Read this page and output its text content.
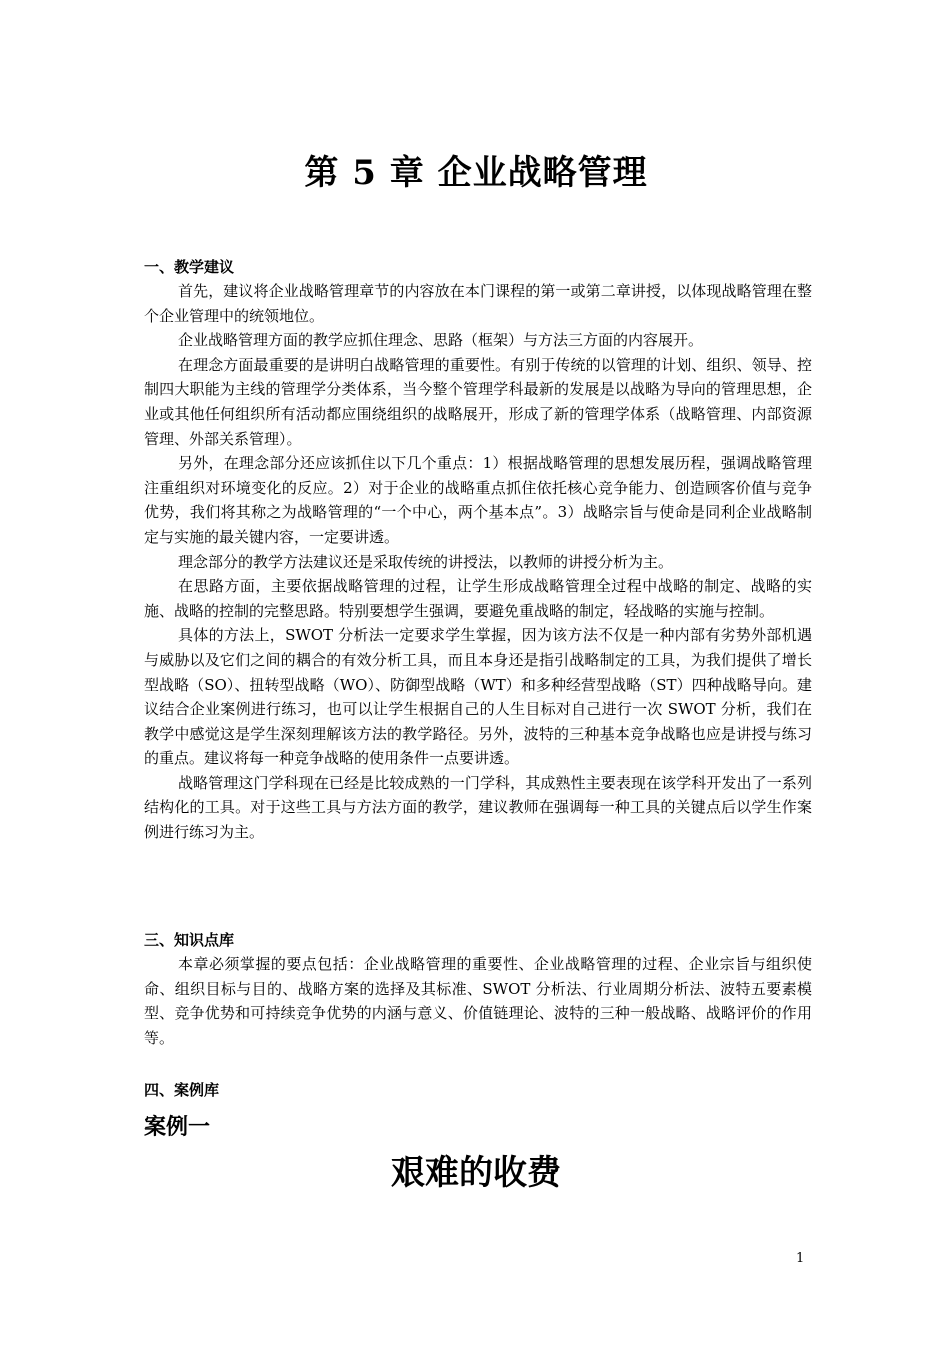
第 5 章 企业战略管理

一、教学建议

首先，建议将企业战略管理章节的内容放在本门课程的第一或第二章讲授，以体现战略管理在整个企业管理中的统领地位。

企业战略管理方面的教学应抓住理念、思路（框架）与方法三方面的内容展开。

在理念方面最重要的是讲明白战略管理的重要性。有别于传统的以管理的计划、组织、领导、控制四大职能为主线的管理学分类体系，当今整个管理学科最新的发展是以战略为导向的管理思想，企业或其他任何组织所有活动都应围绕组织的战略展开，形成了新的管理学体系（战略管理、内部资源管理、外部关系管理）。

另外，在理念部分还应该抓住以下几个重点：1）根据战略管理的思想发展历程，强调战略管理注重组织对环境变化的反应。2）对于企业的战略重点抓住依托核心竞争能力、创造顾客价值与竞争优势，我们将其称之为战略管理的“一个中心，两个基本点”。3）战略宗旨与使命是同利企业战略制定与实施的最关键内容，一定要讲透。

理念部分的教学方法建议还是采取传统的讲授法，以教师的讲授分析为主。

在思路方面，主要依据战略管理的过程，让学生形成战略管理全过程中战略的制定、战略的实施、战略的控制的完整思路。特别要想学生强调，要避免重战略的制定，轻战略的实施与控制。

具体的方法上，SWOT 分析法一定要求学生掌握，因为该方法不仅是一种内部有劣势外部机遇与威胁以及它们之间的耦合的有效分析工具，而且本身还是指引战略制定的工具，为我们提供了增长型战略（SO）、扭转型战略（WO）、防御型战略（WT）和多种经营型战略（ST）四种战略导向。建议结合企业案例进行练习，也可以让学生根据自己的人生目标对自己进行一次 SWOT 分析，我们在教学中感觉这是学生深刻理解该方法的教学路径。另外，波特的三种基本竞争战略也应是讲授与练习的重点。建议将每一种竞争战略的使用条件一点要讲透。

战略管理这门学科现在已经是比较成熟的一门学科，其成熟性主要表现在该学科开发出了一系列结构化的工具。对于这些工具与方法方面的教学，建议教师在强调每一种工具的关键点后以学生作案例进行练习为主。

三、知识点库

本章必须掌握的要点包括：企业战略管理的重要性、企业战略管理的过程、企业宗旨与组织使命、组织目标与目的、战略方案的选择及其标准、SWOT 分析法、行业周期分析法、波特五要素模型、竞争优势和可持续竞争优势的内涵与意义、价值链理论、波特的三种一般战略、战略评价的作用等。

四、案例库

案例一

艰难的收费
1
